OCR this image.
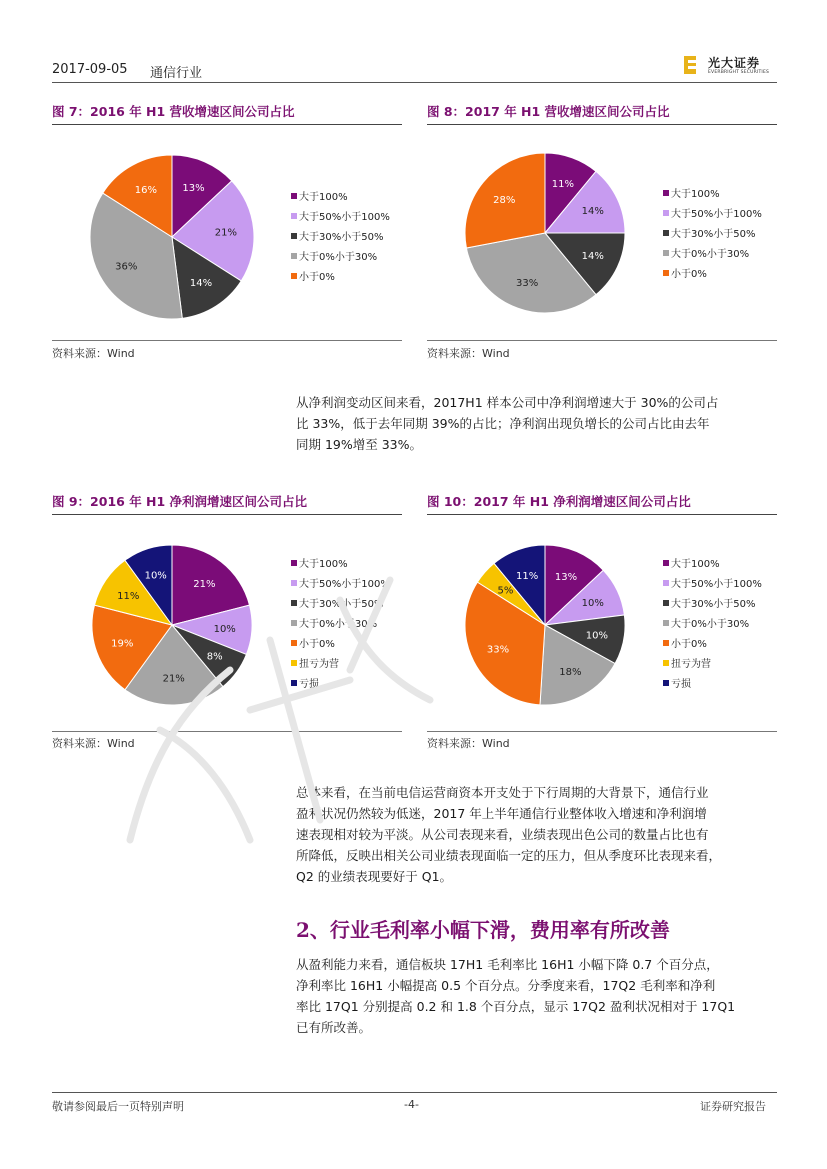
2017-09-05 通信行业
光大证券
EVERBRIGHT SECURITIES
图 7：2016 年 H1 营收增速区间公司占比
13%
21%
14%
36%
16%
大于100%
大于50%小于100%
大于30%小于50%
大于0%小于30%
小于0%
资料来源：Wind
图 8：2017 年 H1 营收增速区间公司占比
11%
14%
14%
33%
28%
大于100%
大于50%小于100%
大于30%小于50%
大于0%小于30%
小于0%
资料来源：Wind
从净利润变动区间来看，2017H1 样本公司中净利润增速大于 30%的公司占
比 33%，低于去年同期 39%的占比；净利润出现负增长的公司占比由去年
同期 19%增至 33%。
图 9：2016 年 H1 净利润增速区间公司占比
21%
10%
8%
21%
19%
11%
10%
大于100%
大于50%小于100%
大于30%小于50%
大于0%小于30%
小于0%
扭亏为营
亏损
资料来源：Wind
图 10：2017 年 H1 净利润增速区间公司占比
13%
10%
10%
18%
33%
5%
11%
大于100%
大于50%小于100%
大于30%小于50%
大于0%小于30%
小于0%
扭亏为营
亏损
资料来源：Wind
总体来看，在当前电信运营商资本开支处于下行周期的大背景下，通信行业
盈利状况仍然较为低迷，2017 年上半年通信行业整体收入增速和净利润增
速表现相对较为平淡。从公司表现来看，业绩表现出色公司的数量占比也有
所降低，反映出相关公司业绩表现面临一定的压力，但从季度环比表现来看，
Q2 的业绩表现要好于 Q1。
2、行业毛利率小幅下滑，费用率有所改善
从盈利能力来看，通信板块 17H1 毛利率比 16H1 小幅下降 0.7 个百分点，
净利率比 16H1 小幅提高 0.5 个百分点。分季度来看，17Q2 毛利率和净利
率比 17Q1 分别提高 0.2 和 1.8 个百分点，显示 17Q2 盈利状况相对于 17Q1
已有所改善。
敬请参阅最后一页特别声明	-4-	证券研究报告
